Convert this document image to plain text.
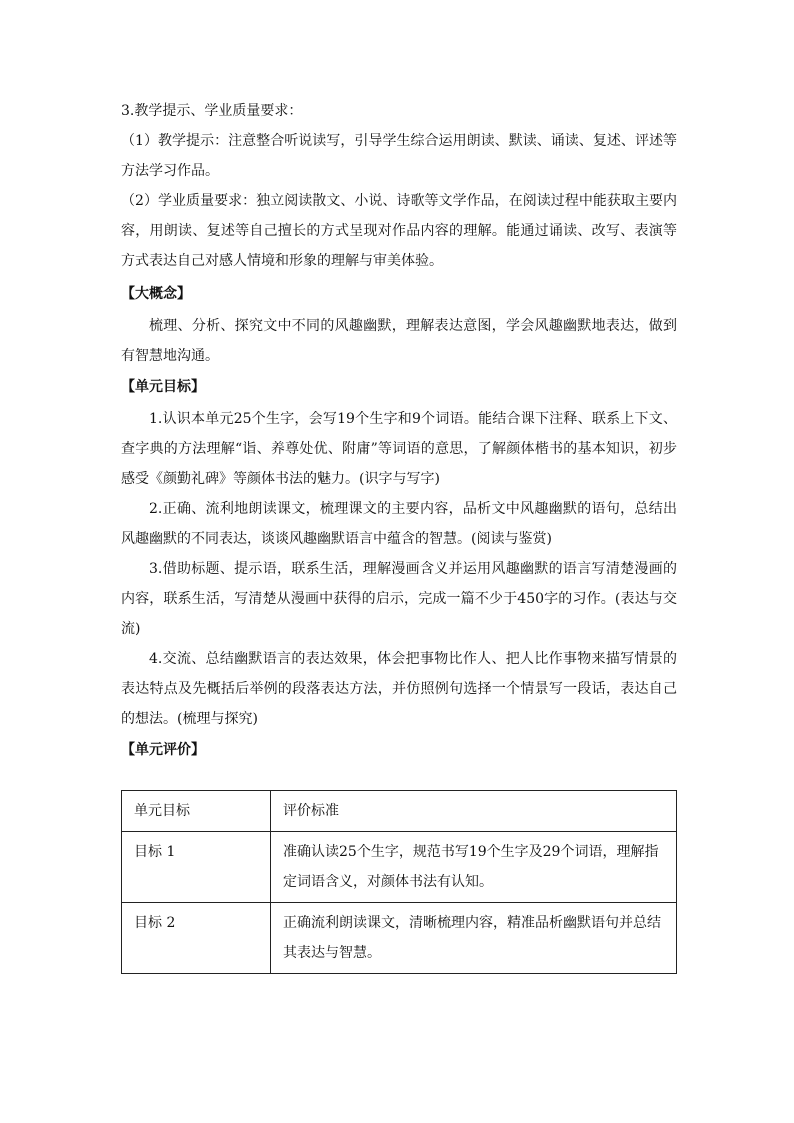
3.教学提示、学业质量要求：

（1）教学提示：注意整合听说读写，引导学生综合运用朗读、默读、诵读、复述、评述等方法学习作品。

（2）学业质量要求：独立阅读散文、小说、诗歌等文学作品，在阅读过程中能获取主要内容，用朗读、复述等自己擅长的方式呈现对作品内容的理解。能通过诵读、改写、表演等方式表达自己对感人情境和形象的理解与审美体验。

【大概念】

梳理、分析、探究文中不同的风趣幽默，理解表达意图，学会风趣幽默地表达，做到有智慧地沟通。

【单元目标】

1.认识本单元25个生字，会写19个生字和9个词语。能结合课下注释、联系上下文、查字典的方法理解“诣、养尊处优、附庸”等词语的意思，了解颜体楷书的基本知识，初步感受《颜勤礼碑》等颜体书法的魅力。(识字与写字)

2.正确、流利地朗读课文，梳理课文的主要内容，品析文中风趣幽默的语句，总结出风趣幽默的不同表达，谈谈风趣幽默语言中蕴含的智慧。(阅读与鉴赏)

3.借助标题、提示语，联系生活，理解漫画含义并运用风趣幽默的语言写清楚漫画的内容，联系生活，写清楚从漫画中获得的启示，完成一篇不少于450字的习作。(表达与交流)

4.交流、总结幽默语言的表达效果，体会把事物比作人、把人比作事物来描写情景的表达特点及先概括后举例的段落表达方法，并仿照例句选择一个情景写一段话，表达自己的想法。(梳理与探究)

【单元评价】

单元目标	评价标准
目标 1	准确认读25个生字，规范书写19个生字及29个词语，理解指定词语含义，对颜体书法有认知。
目标 2	正确流利朗读课文，清晰梳理内容，精准品析幽默语句并总结其表达与智慧。
